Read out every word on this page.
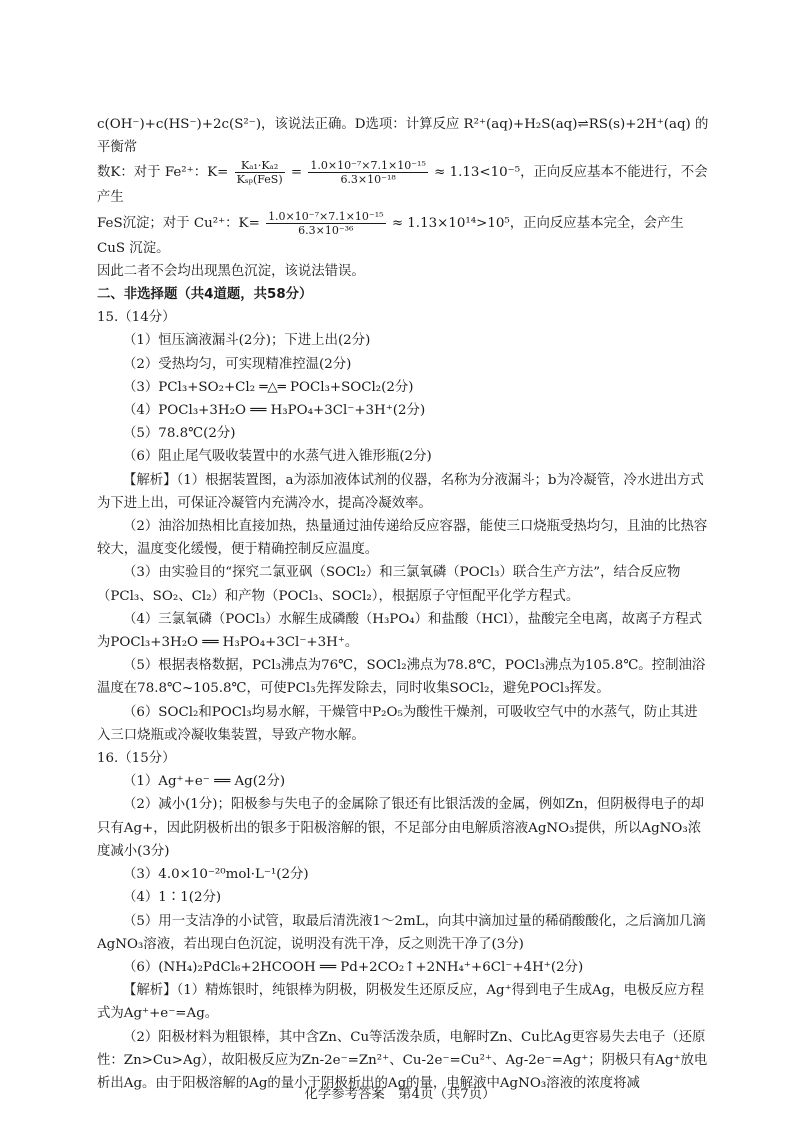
c(OH⁻)+c(HS⁻)+2c(S²⁻)，该说法正确。D选项：计算反应 R²⁺(aq)+H₂S(aq)⇌RS(s)+2H⁺(aq) 的平衡常

数K：对于 Fe²⁺：$K= \frac{\text{Kₐ₁·Kₐ₂}}{\text{Kₛₚ(FeS)}} = \frac{\text{1.0×10⁻⁷×7.1×10⁻¹⁵}}{\text{6.3×10⁻¹⁸}} \approx 1.13<10^{-5}$，正向反应基本不能进行，不会产生

FeS沉淀；对于 Cu²⁺：$K= \frac{\text{1.0×10⁻⁷×7.1×10⁻¹⁵}}{\text{6.3×10⁻³⁶}} \approx 1.13\times 10^{14}>10^5$，正向反应基本完全，会产生CuS 沉淀。

因此二者不会均出现黑色沉淀，该说法错误。

二、非选择题（共4道题，共58分）

15.（14分）

（1）恒压滴液漏斗(2分)；下进上出(2分)

（2）受热均匀，可实现精准控温(2分)

（3）PCl₃+SO₂+Cl₂ ═△═ POCl₃+SOCl₂(2分)

（4）POCl₃+3H₂O ══ H₃PO₄+3Cl⁻+3H⁺(2分)

（5）78.8℃(2分)

（6）阻止尾气吸收装置中的水蒸气进入锥形瓶(2分)

【解析】（1）根据装置图，a为添加液体试剂的仪器，名称为分液漏斗；b为冷凝管，冷水进出方式为下进上出，可保证冷凝管内充满冷水，提高冷凝效率。

（2）油浴加热相比直接加热，热量通过油传递给反应容器，能使三口烧瓶受热均匀，且油的比热容较大，温度变化缓慢，便于精确控制反应温度。

（3）由实验目的“探究二氯亚砜（SOCl₂）和三氯氧磷（POCl₃）联合生产方法”，结合反应物（PCl₃、SO₂、Cl₂）和产物（POCl₃、SOCl₂），根据原子守恒配平化学方程式。

（4）三氯氧磷（POCl₃）水解生成磷酸（H₃PO₄）和盐酸（HCl），盐酸完全电离，故离子方程式为POCl₃+3H₂O ══ H₃PO₄+3Cl⁻+3H⁺。

（5）根据表格数据，PCl₃沸点为76℃，SOCl₂沸点为78.8℃，POCl₃沸点为105.8℃。控制油浴温度在78.8℃~105.8℃，可使PCl₃先挥发除去，同时收集SOCl₂，避免POCl₃挥发。

（6）SOCl₂和POCl₃均易水解，干燥管中P₂O₅为酸性干燥剂，可吸收空气中的水蒸气，防止其进入三口烧瓶或冷凝收集装置，导致产物水解。

16.（15分）

（1）Ag⁺+e⁻ ══ Ag(2分)

（2）减小(1分)；阳极参与失电子的金属除了银还有比银活泼的金属，例如Zn，但阴极得电子的却只有Ag+，因此阴极析出的银多于阳极溶解的银，不足部分由电解质溶液AgNO₃提供，所以AgNO₃浓度减小(3分)

（3）4.0×10⁻²⁰mol·L⁻¹(2分)

（4）1∶1(2分)

（5）用一支洁净的小试管，取最后清洗液1～2mL，向其中滴加过量的稀硝酸酸化，之后滴加几滴AgNO₃溶液，若出现白色沉淀，说明没有洗干净，反之则洗干净了(3分)

（6）(NH₄)₂PdCl₆+2HCOOH ══ Pd+2CO₂↑+2NH₄⁺+6Cl⁻+4H⁺(2分)

【解析】（1）精炼银时，纯银棒为阴极，阴极发生还原反应，Ag⁺得到电子生成Ag，电极反应方程式为Ag⁺+e⁻=Ag。

（2）阳极材料为粗银棒，其中含Zn、Cu等活泼杂质，电解时Zn、Cu比Ag更容易失去电子（还原性：Zn>Cu>Ag），故阳极反应为Zn-2e⁻=Zn²⁺、Cu-2e⁻=Cu²⁺、Ag-2e⁻=Ag⁺；阴极只有Ag⁺放电析出Ag。由于阳极溶解的Ag的量小于阴极析出的Ag的量，电解液中AgNO₃溶液的浓度将减

化学参考答案　第4页（共7页）
